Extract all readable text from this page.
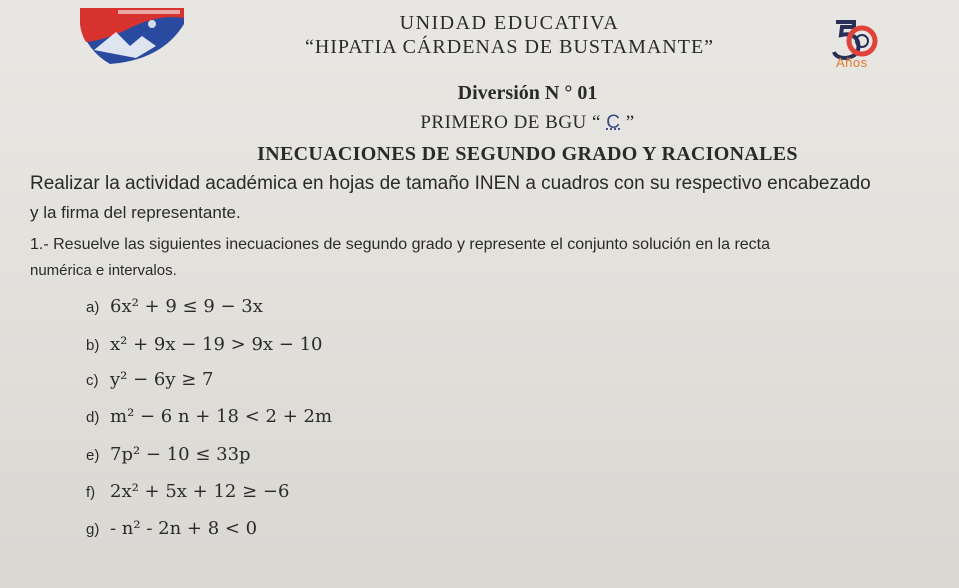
Años
UNIDAD EDUCATIVA
“HIPATIA CÁRDENAS DE BUSTAMANTE”
Diversión N ° 01
PRIMERO DE BGU “ C ”
INECUACIONES DE SEGUNDO GRADO Y RACIONALES
Realizar la actividad académica en hojas de tamaño INEN a cuadros con su respectivo encabezado
y la firma del representante.
1.- Resuelve las siguientes inecuaciones de segundo grado y represente el conjunto solución en la recta
numérica e intervalos.
a) 6x² + 9 ≤ 9 − 3x
b) x² + 9x − 19 > 9x − 10
c) y² − 6y ≥ 7
d) m² − 6 n + 18 < 2 + 2m
e) 7p² − 10 ≤ 33p
f) 2x² + 5x + 12 ≥ −6
g) - n² - 2n + 8 < 0
